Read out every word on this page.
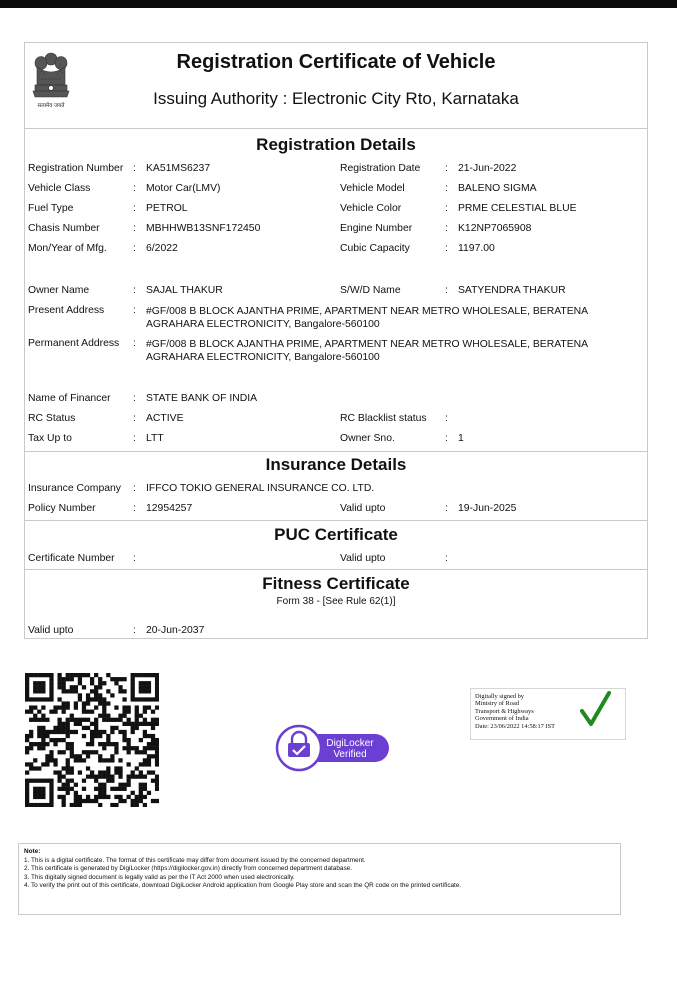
सत्यमेव जयते
Registration Certificate of Vehicle
Issuing Authority : Electronic City Rto, Karnataka
Registration Details
Registration Number : KA51MS6237	Registration Date : 21-Jun-2022
Vehicle Class	: Motor Car(LMV)	Vehicle Model	: BALENO SIGMA
Fuel Type	: PETROL	Vehicle Color	: PRME CELESTIAL BLUE
Chasis Number	: MBHHWB13SNF172450	Engine Number	: K12NP7065908
Mon/Year of Mfg.	: 6/2022	Cubic Capacity	: 1197.00
Owner Name	: SAJAL THAKUR	S/W/D Name	: SATYENDRA THAKUR
Present Address	: #GF/008 B BLOCK AJANTHA PRIME, APARTMENT NEAR METRO WHOLESALE, BERATENA AGRAHARA ELECTRONICITY, Bangalore-560100
Permanent Address : #GF/008 B BLOCK AJANTHA PRIME, APARTMENT NEAR METRO WHOLESALE, BERATENA AGRAHARA ELECTRONICITY, Bangalore-560100
Name of Financer : STATE BANK OF INDIA
RC Status	: ACTIVE	RC Blacklist status :
Tax Up to	: LTT	Owner Sno.	: 1
Insurance Details
Insurance Company : IFFCO TOKIO GENERAL INSURANCE CO. LTD.
Policy Number	: 12954257	Valid upto	: 19-Jun-2025
PUC Certificate
Certificate Number :	Valid upto	:
Fitness Certificate
Form 38 - [See Rule 62(1)]
Valid upto	: 20-Jun-2037
DigiLocker
Verified
Digitally signed by
Ministry of Road
Transport & Highways
Government of India
Date: 23/06/2022 14:58:17 IST
Note:
1. This is a digital certificate. The format of this certificate may differ from document issued by the concerned department.
2. This certificate is generated by DigiLocker (https://digilocker.gov.in) directly from concerned department database.
3. This digitally signed document is legally valid as per the IT Act 2000 when used electronically.
4. To verify the print out of this certificate, download DigiLocker Android application from Google Play store and scan the QR code on the printed certificate.
